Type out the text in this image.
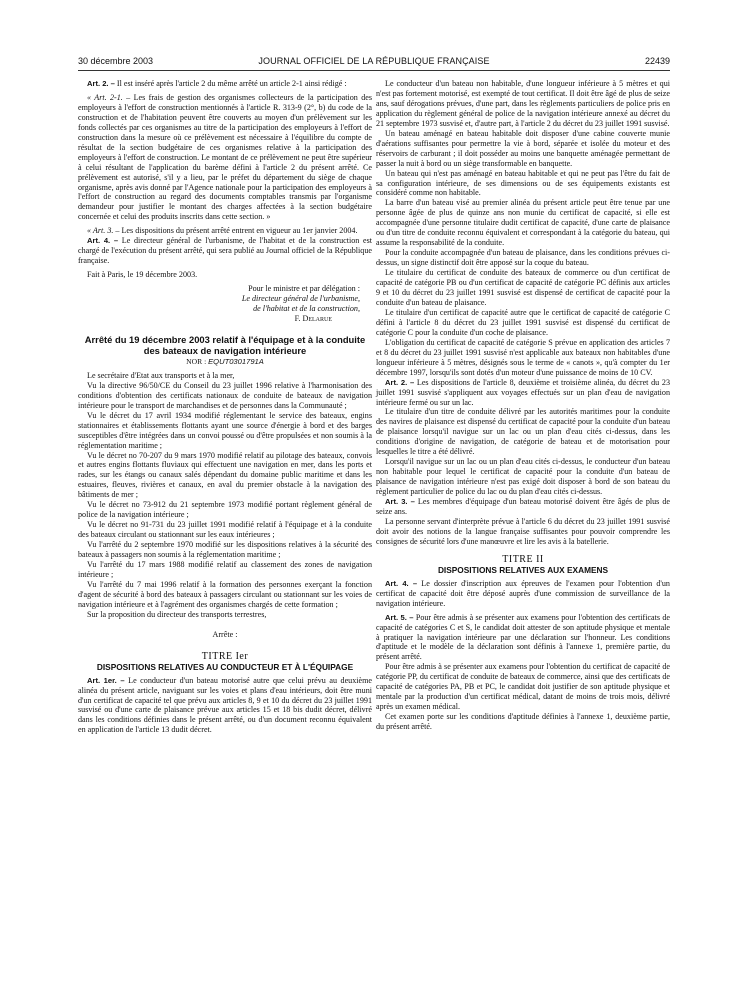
30 décembre 2003	JOURNAL OFFICIEL DE LA RÉPUBLIQUE FRANÇAISE	22439

Art. 2. – Il est inséré après l'article 2 du même arrêté un article 2-1 ainsi rédigé :

« Art. 2-1. – Les frais de gestion des organismes collecteurs de la participation des employeurs à l'effort de construction mentionnés à l'article R. 313-9 (2°, b) du code de la construction et de l'habitation peuvent être couverts au moyen d'un prélèvement sur les fonds collectés par ces organismes au titre de la participation des employeurs à l'effort de construction dans la mesure où ce prélèvement est nécessaire à l'équilibre du compte de résultat de la section budgétaire de ces organismes relative à la participation des employeurs à l'effort de construction. Le montant de ce prélèvement ne peut être supérieur à celui résultant de l'application du barème défini à l'article 2 du présent arrêté. Ce prélèvement est autorisé, s'il y a lieu, par le préfet du département du siège de chaque organisme, après avis donné par l'Agence nationale pour la participation des employeurs à l'effort de construction au regard des documents comptables transmis par l'organisme demandeur pour justifier le montant des charges affectées à la section budgétaire concernée et celui des produits inscrits dans cette section. »

« Art. 3. – Les dispositions du présent arrêté entrent en vigueur au 1er janvier 2004.

Art. 4. – Le directeur général de l'urbanisme, de l'habitat et de la construction est chargé de l'exécution du présent arrêté, qui sera publié au Journal officiel de la République française.

Fait à Paris, le 19 décembre 2003.

Pour le ministre et par délégation :

Le directeur général de l'urbanisme,

de l'habitat et de la construction,

F. Delarue

Arrêté du 19 décembre 2003 relatif à l'équipage et à la conduite des bateaux de navigation intérieure

NOR : EQUT0301791A

Le secrétaire d'Etat aux transports et à la mer,

Vu la directive 96/50/CE du Conseil du 23 juillet 1996 relative à l'harmonisation des conditions d'obtention des certificats nationaux de conduite de bateaux de navigation intérieure pour le transport de marchandises et de personnes dans la Communauté ;

Vu le décret du 17 avril 1934 modifié réglementant le service des bateaux, engins stationnaires et établissements flottants ayant une source d'énergie à bord et des barges susceptibles d'être intégrées dans un convoi poussé ou d'être propulsées et non soumis à la réglementation maritime ;

Vu le décret no 70-207 du 9 mars 1970 modifié relatif au pilotage des bateaux, convois et autres engins flottants fluviaux qui effectuent une navigation en mer, dans les ports et rades, sur les étangs ou canaux salés dépendant du domaine public maritime et dans les estuaires, fleuves, rivières et canaux, en aval du premier obstacle à la navigation des bâtiments de mer ;

Vu le décret no 73-912 du 21 septembre 1973 modifié portant règlement général de police de la navigation intérieure ;

Vu le décret no 91-731 du 23 juillet 1991 modifié relatif à l'équipage et à la conduite des bateaux circulant ou stationnant sur les eaux intérieures ;

Vu l'arrêté du 2 septembre 1970 modifié sur les dispositions relatives à la sécurité des bateaux à passagers non soumis à la réglementation maritime ;

Vu l'arrêté du 17 mars 1988 modifié relatif au classement des zones de navigation intérieure ;

Vu l'arrêté du 7 mai 1996 relatif à la formation des personnes exerçant la fonction d'agent de sécurité à bord des bateaux à passagers circulant ou stationnant sur les voies de navigation intérieure et à l'agrément des organismes chargés de cette formation ;

Sur la proposition du directeur des transports terrestres,

Arrête :

TITRE Ier

DISPOSITIONS RELATIVES AU CONDUCTEUR ET À L'ÉQUIPAGE

Art. 1er. – Le conducteur d'un bateau motorisé autre que celui prévu au deuxième alinéa du présent article, naviguant sur les voies et plans d'eau intérieurs, doit être muni d'un certificat de capacité tel que prévu aux articles 8, 9 et 10 du décret du 23 juillet 1991 susvisé ou d'une carte de plaisance prévue aux articles 15 et 18 bis dudit décret, délivré dans les conditions définies dans le présent arrêté, ou d'un document reconnu équivalent en application de l'article 13 dudit décret.

Le conducteur d'un bateau non habitable, d'une longueur inférieure à 5 mètres et qui n'est pas fortement motorisé, est exempté de tout certificat. Il doit être âgé de plus de seize ans, sauf dérogations prévues, d'une part, dans les règlements particuliers de police pris en application du règlement général de police de la navigation intérieure annexé au décret du 21 septembre 1973 susvisé et, d'autre part, à l'article 2 du décret du 23 juillet 1991 susvisé.

Un bateau aménagé en bateau habitable doit disposer d'une cabine couverte munie d'aérations suffisantes pour permettre la vie à bord, séparée et isolée du moteur et des réservoirs de carburant ; il doit posséder au moins une banquette aménagée permettant de passer la nuit à bord ou un siège transformable en banquette.

Un bateau qui n'est pas aménagé en bateau habitable et qui ne peut pas l'être du fait de sa configuration intérieure, de ses dimensions ou de ses équipements existants est considéré comme non habitable.

La barre d'un bateau visé au premier alinéa du présent article peut être tenue par une personne âgée de plus de quinze ans non munie du certificat de capacité, si elle est accompagnée d'une personne titulaire dudit certificat de capacité, d'une carte de plaisance ou d'un titre de conduite reconnu équivalent et correspondant à la catégorie du bateau, qui assume la responsabilité de la conduite.

Pour la conduite accompagnée d'un bateau de plaisance, dans les conditions prévues ci-dessus, un signe distinctif doit être apposé sur la coque du bateau.

Le titulaire du certificat de conduite des bateaux de commerce ou d'un certificat de capacité de catégorie PB ou d'un certificat de capacité de catégorie PC définis aux articles 9 et 10 du décret du 23 juillet 1991 susvisé est dispensé de certificat de capacité pour la conduite d'un bateau de plaisance.

Le titulaire d'un certificat de capacité autre que le certificat de capacité de catégorie C défini à l'article 8 du décret du 23 juillet 1991 susvisé est dispensé du certificat de catégorie C pour la conduite d'un coche de plaisance.

L'obligation du certificat de capacité de catégorie S prévue en application des articles 7 et 8 du décret du 23 juillet 1991 susvisé n'est applicable aux bateaux non habitables d'une longueur inférieure à 5 mètres, désignés sous le terme de « canots », qu'à compter du 1er décembre 1997, lorsqu'ils sont dotés d'un moteur d'une puissance de moins de 10 CV.

Art. 2. – Les dispositions de l'article 8, deuxième et troisième alinéa, du décret du 23 juillet 1991 susvisé s'appliquent aux voyages effectués sur un plan d'eau de navigation intérieure fermé ou sur un lac.

Le titulaire d'un titre de conduite délivré par les autorités maritimes pour la conduite des navires de plaisance est dispensé du certificat de capacité pour la conduite d'un bateau de plaisance lorsqu'il navigue sur un lac ou un plan d'eau cités ci-dessus, dans les conditions d'origine de navigation, de catégorie de bateau et de motorisation pour lesquelles le titre a été délivré.

Lorsqu'il navigue sur un lac ou un plan d'eau cités ci-dessus, le conducteur d'un bateau non habitable pour lequel le certificat de capacité pour la conduite d'un bateau de plaisance de navigation intérieure n'est pas exigé doit disposer à bord de son bateau du règlement particulier de police du lac ou du plan d'eau cités ci-dessus.

Art. 3. – Les membres d'équipage d'un bateau motorisé doivent être âgés de plus de seize ans.

La personne servant d'interprète prévue à l'article 6 du décret du 23 juillet 1991 susvisé doit avoir des notions de la langue française suffisantes pour pouvoir comprendre les consignes de sécurité lors d'une manœuvre et lire les avis à la batellerie.

TITRE II

DISPOSITIONS RELATIVES AUX EXAMENS

Art. 4. – Le dossier d'inscription aux épreuves de l'examen pour l'obtention d'un certificat de capacité doit être déposé auprès d'une commission de surveillance de la navigation intérieure.

Art. 5. – Pour être admis à se présenter aux examens pour l'obtention des certificats de capacité de catégories C et S, le candidat doit attester de son aptitude physique et mentale à pratiquer la navigation intérieure par une déclaration sur l'honneur. Les conditions d'aptitude et le modèle de la déclaration sont définis à l'annexe 1, première partie, du présent arrêté.

Pour être admis à se présenter aux examens pour l'obtention du certificat de capacité de catégorie PP, du certificat de conduite de bateaux de commerce, ainsi que des certificats de capacité de catégories PA, PB et PC, le candidat doit justifier de son aptitude physique et mentale par la production d'un certificat médical, datant de moins de trois mois, délivré après un examen médical.

Cet examen porte sur les conditions d'aptitude définies à l'annexe 1, deuxième partie, du présent arrêté.
